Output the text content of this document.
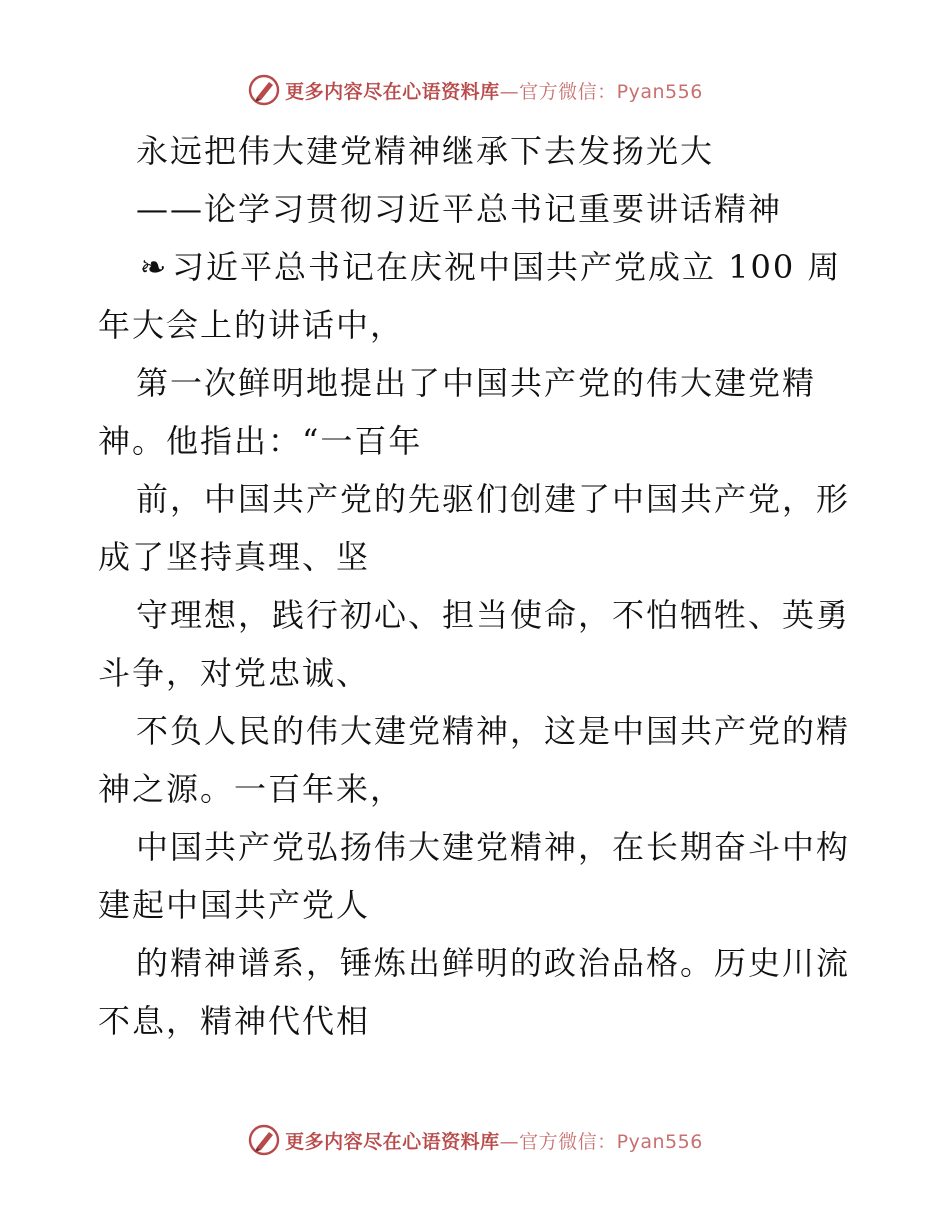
更多内容尽在心语资料库 —官方微信：Pyan556
永远把伟大建党精神继承下去发扬光大
——论学习贯彻习近平总书记重要讲话精神
❧ 习近平总书记在庆祝中国共产党成立 100 周
年大会上的讲话中，
第一次鲜明地提出了中国共产党的伟大建党精
神。他指出：“一百年
前，中国共产党的先驱们创建了中国共产党，形
成了坚持真理、坚
守理想，践行初心、担当使命，不怕牺牲、英勇
斗争，对党忠诚、
不负人民的伟大建党精神，这是中国共产党的精
神之源。一百年来，
中国共产党弘扬伟大建党精神，在长期奋斗中构
建起中国共产党人
的精神谱系，锤炼出鲜明的政治品格。历史川流
不息，精神代代相
更多内容尽在心语资料库 —官方微信：Pyan556
